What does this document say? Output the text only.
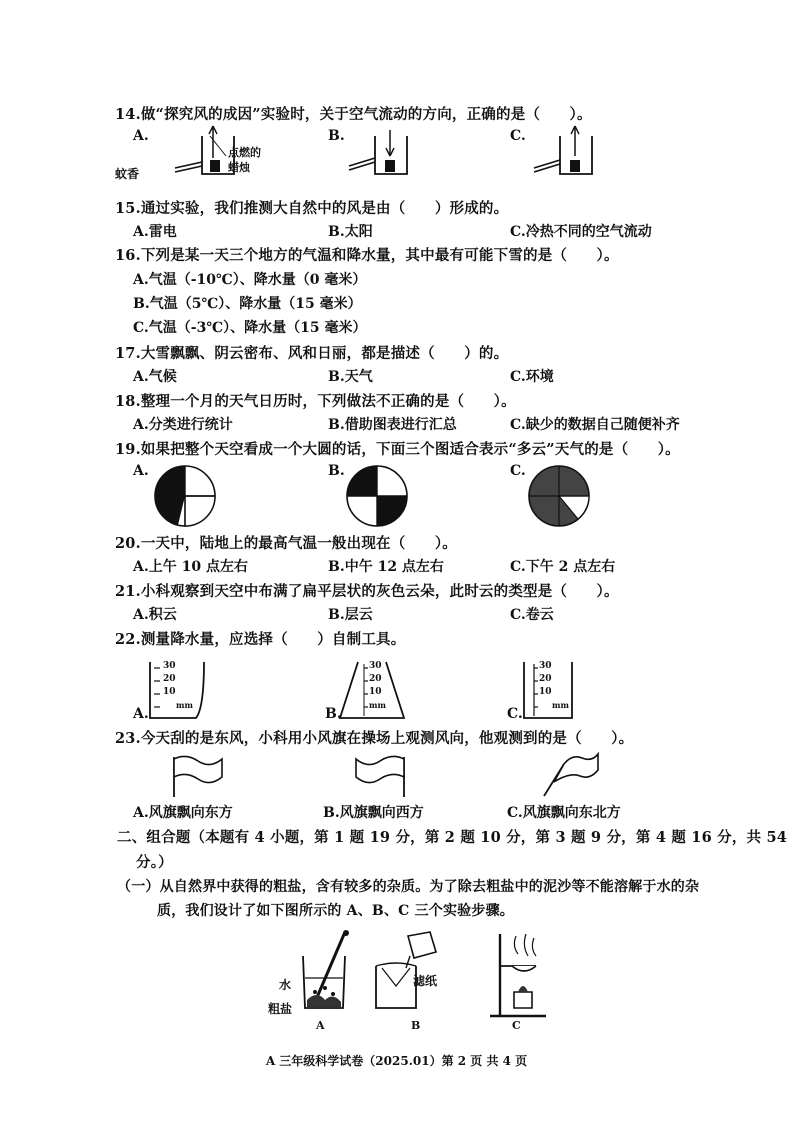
14.做“探究风的成因”实验时，关于空气流动的方向，正确的是（　　）。
A.	B.	C.
蚊香
点燃的
蜡烛
15.通过实验，我们推测大自然中的风是由（　　）形成的。
A.雷电	B.太阳	C.冷热不同的空气流动
16.下列是某一天三个地方的气温和降水量，其中最有可能下雪的是（　　）。
A.气温（-10℃）、降水量（0 毫米）
B.气温（5℃）、降水量（15 毫米）
C.气温（-3℃）、降水量（15 毫米）
17.大雪飘飘、阴云密布、风和日丽，都是描述（　　）的。
A.气候	B.天气	C.环境
18.整理一个月的天气日历时，下列做法不正确的是（　　）。
A.分类进行统计	B.借助图表进行汇总	C.缺少的数据自己随便补齐
19.如果把整个天空看成一个大圆的话，下面三个图适合表示“多云”天气的是（　　）。
A.	B.	C.
20.一天中，陆地上的最高气温一般出现在（　　）。
A.上午 10 点左右	B.中午 12 点左右	C.下午 2 点左右
21.小科观察到天空中布满了扁平层状的灰色云朵，此时云的类型是（　　）。
A.积云	B.层云	C.卷云
22.测量降水量，应选择（　　）自制工具。
A.	B.	C.
30
20
10
mm
30
20
10
mm
30
20
10
mm
23.今天刮的是东风，小科用小风旗在操场上观测风向，他观测到的是（　　）。
A.风旗飘向东方	B.风旗飘向西方	C.风旗飘向东北方
二、组合题（本题有 4 小题，第 1 题 19 分，第 2 题 10 分，第 3 题 9 分，第 4 题 16 分，共 54
分。）
（一）从自然界中获得的粗盐，含有较多的杂质。为了除去粗盐中的泥沙等不能溶解于水的杂
质，我们设计了如下图所示的 A、B、C 三个实验步骤。
水
粗盐
A
滤纸
B	C
A 三年级科学试卷（2025.01）第 2 页 共 4 页
